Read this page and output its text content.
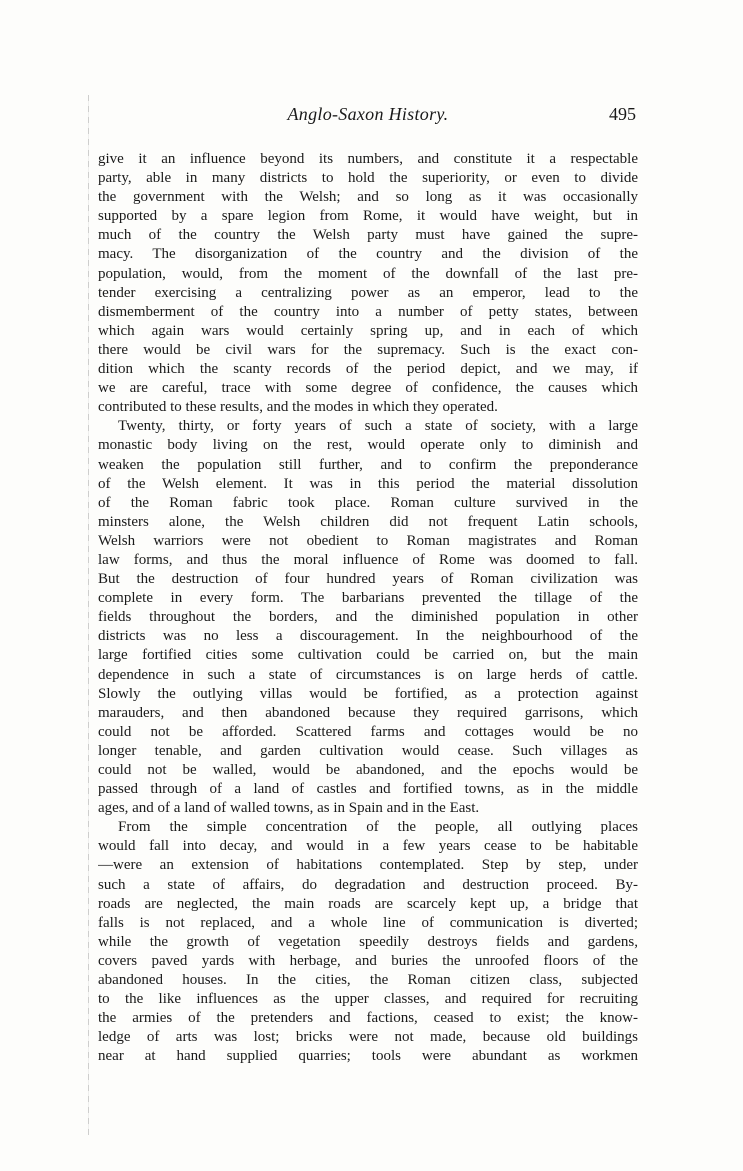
Anglo-Saxon History.	495
give it an influence beyond its numbers, and constitute it a respectable
party, able in many districts to hold the superiority, or even to divide
the government with the Welsh; and so long as it was occasionally
supported by a spare legion from Rome, it would have weight, but in
much of the country the Welsh party must have gained the supre-
macy. The disorganization of the country and the division of the
population, would, from the moment of the downfall of the last pre-
tender exercising a centralizing power as an emperor, lead to the
dismemberment of the country into a number of petty states, between
which again wars would certainly spring up, and in each of which
there would be civil wars for the supremacy. Such is the exact con-
dition which the scanty records of the period depict, and we may, if
we are careful, trace with some degree of confidence, the causes which
contributed to these results, and the modes in which they operated.
Twenty, thirty, or forty years of such a state of society, with a large
monastic body living on the rest, would operate only to diminish and
weaken the population still further, and to confirm the preponderance
of the Welsh element. It was in this period the material dissolution
of the Roman fabric took place. Roman culture survived in the
minsters alone, the Welsh children did not frequent Latin schools,
Welsh warriors were not obedient to Roman magistrates and Roman
law forms, and thus the moral influence of Rome was doomed to fall.
But the destruction of four hundred years of Roman civilization was
complete in every form. The barbarians prevented the tillage of the
fields throughout the borders, and the diminished population in other
districts was no less a discouragement. In the neighbourhood of the
large fortified cities some cultivation could be carried on, but the main
dependence in such a state of circumstances is on large herds of cattle.
Slowly the outlying villas would be fortified, as a protection against
marauders, and then abandoned because they required garrisons, which
could not be afforded. Scattered farms and cottages would be no
longer tenable, and garden cultivation would cease. Such villages as
could not be walled, would be abandoned, and the epochs would be
passed through of a land of castles and fortified towns, as in the middle
ages, and of a land of walled towns, as in Spain and in the East.
From the simple concentration of the people, all outlying places
would fall into decay, and would in a few years cease to be habitable
—were an extension of habitations contemplated. Step by step, under
such a state of affairs, do degradation and destruction proceed. By-
roads are neglected, the main roads are scarcely kept up, a bridge that
falls is not replaced, and a whole line of communication is diverted;
while the growth of vegetation speedily destroys fields and gardens,
covers paved yards with herbage, and buries the unroofed floors of the
abandoned houses. In the cities, the Roman citizen class, subjected
to the like influences as the upper classes, and required for recruiting
the armies of the pretenders and factions, ceased to exist; the know-
ledge of arts was lost; bricks were not made, because old buildings
near at hand supplied quarries; tools were abundant as workmen
